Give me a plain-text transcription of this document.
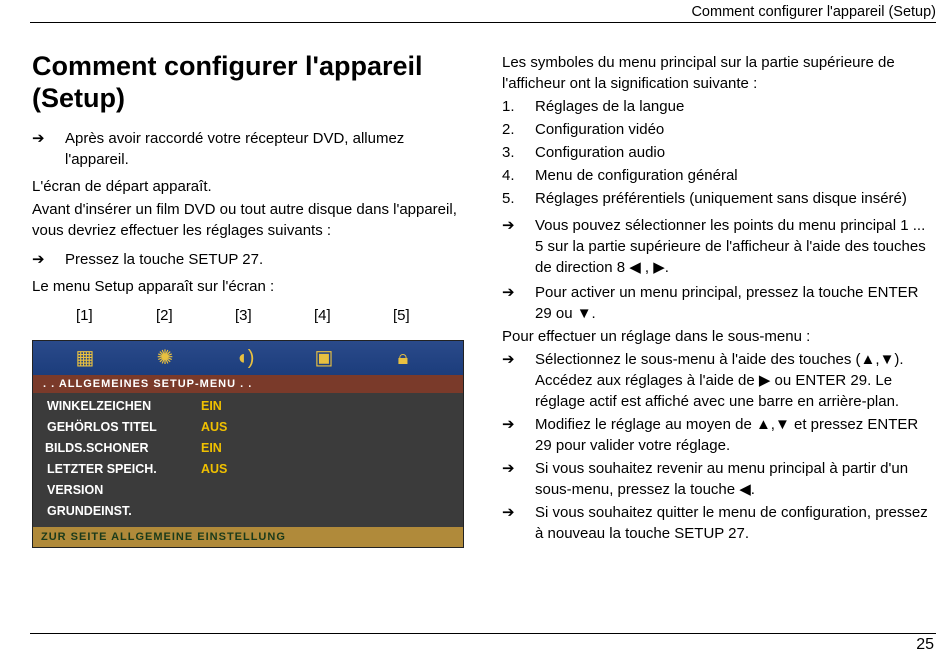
Comment configurer l'appareil (Setup)
Comment configurer l'appareil (Setup)
➔	Après avoir raccordé votre récepteur DVD, allumez l'appareil.
L'écran de départ apparaît.
Avant d'insérer un film DVD ou tout autre disque dans l'appareil, vous devriez effectuer les réglages suivants :
➔	Pressez la touche SETUP 27.
Le menu Setup apparaît sur l'écran :
[1]	[2]	[3]	[4]	[5]
▦	✺	◖)	▣	🔒︎
. . ALLGEMEINES SETUP-MENU . .
WINKELZEICHEN	EIN
GEHÖRLOS TITEL	AUS
BILDS.SCHONER	EIN
LETZTER SPEICH.	AUS
VERSION
GRUNDEINST.
ZUR SEITE ALLGEMEINE EINSTELLUNG
Les symboles du menu principal sur la partie supérieure de l'afficheur ont la signification suivante :
1.	Réglages de la langue
2.	Configuration vidéo
3.	Configuration audio
4.	Menu de configuration général
5.	Réglages préférentiels (uniquement sans disque inséré)
➔	Vous pouvez sélectionner les points du menu principal 1 ... 5 sur la partie supérieure de l'afficheur à l'aide des touches de direction 8 ◀ , ▶.
➔	Pour activer un menu principal, pressez la touche ENTER 29 ou ▼.
Pour effectuer un réglage dans le sous-menu :
➔	Sélectionnez le sous-menu à l'aide des touches (▲,▼). Accédez aux réglages à l'aide de ▶ ou ENTER 29. Le réglage actif est affiché avec une barre en arrière-plan.
➔	Modifiez le réglage au moyen de ▲,▼ et pressez ENTER 29 pour valider votre réglage.
➔	Si vous souhaitez revenir au menu principal à partir d'un sous-menu, pressez la touche ◀.
➔	Si vous souhaitez quitter le menu de configuration, pressez à nouveau la touche SETUP 27.
25
